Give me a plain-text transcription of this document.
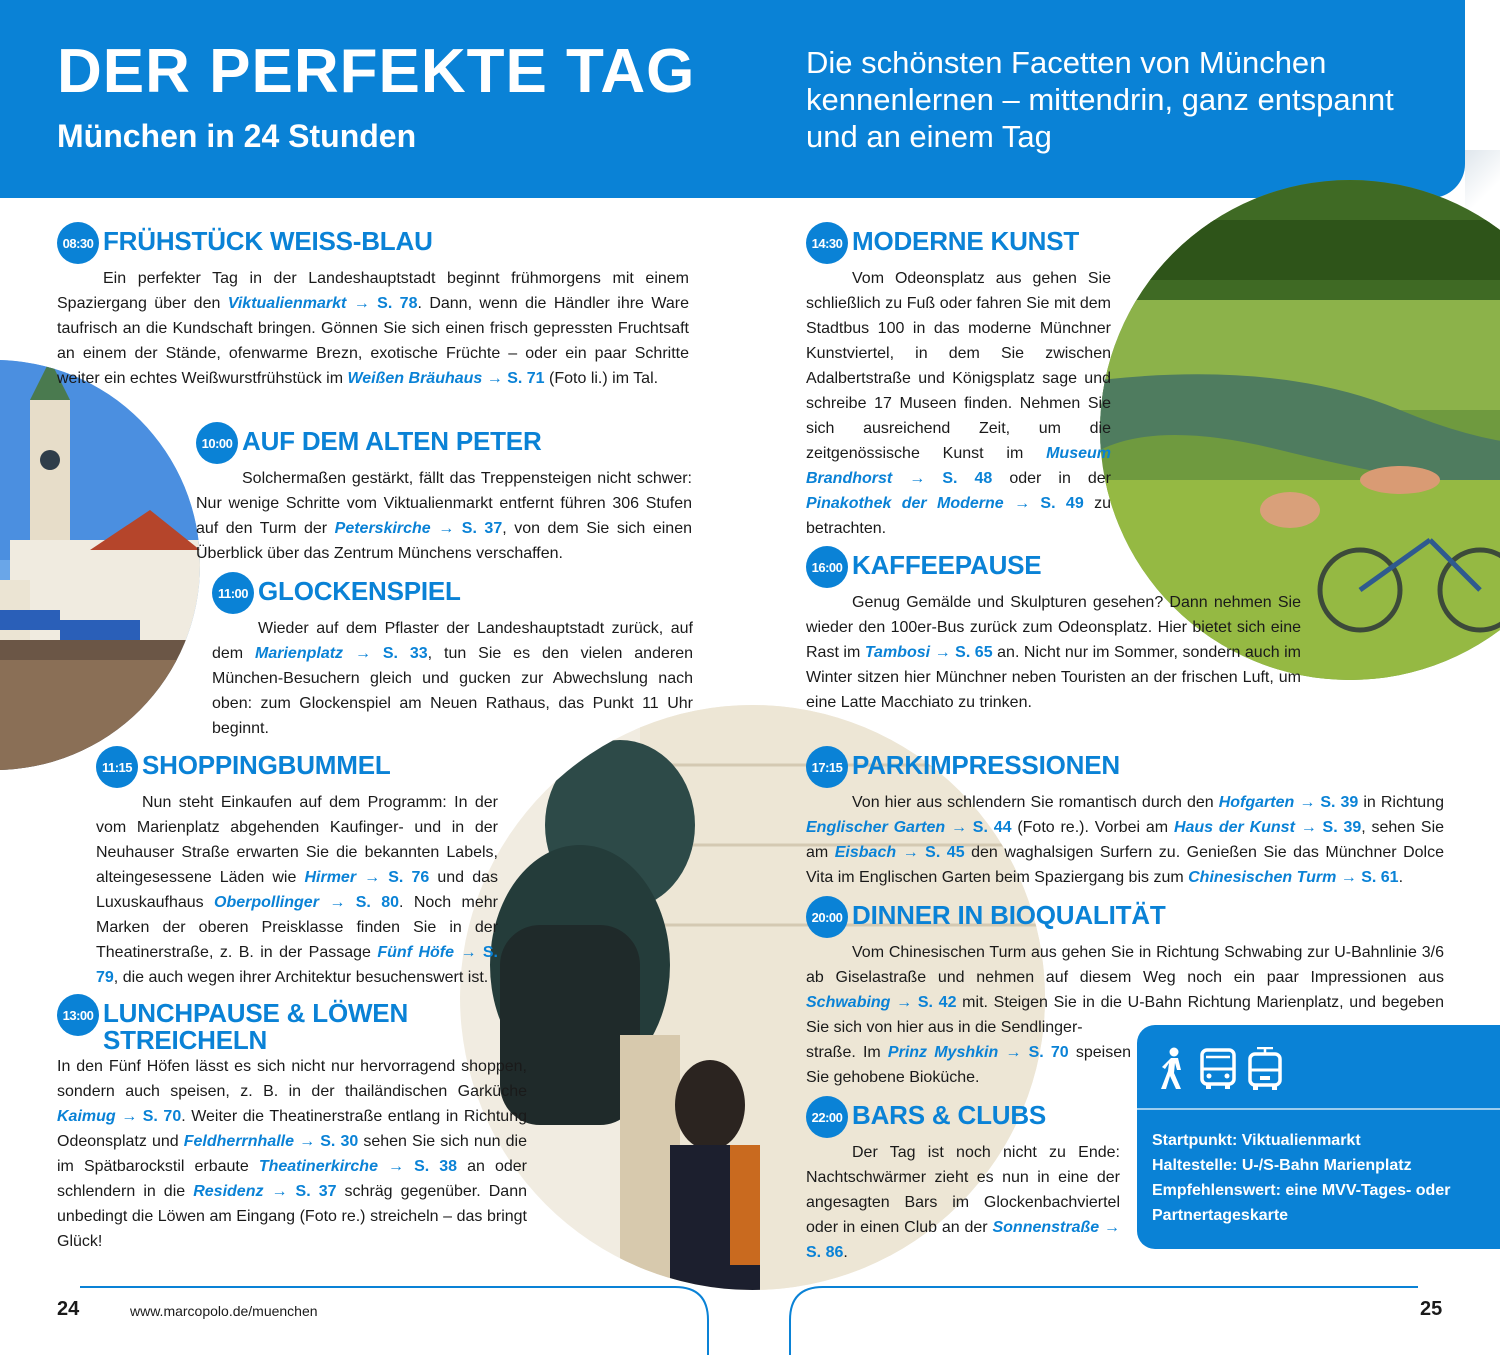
DER PERFEKTE TAG
München in 24 Stunden

Die schönsten Facetten von München kennenlernen – mittendrin, ganz entspannt und an einem Tag

08:30 FRÜHSTÜCK WEISS-BLAU

Ein perfekter Tag in der Landeshauptstadt beginnt frühmorgens mit einem Spaziergang über den Viktualienmarkt → S. 78. Dann, wenn die Händler ihre Ware taufrisch an die Kundschaft bringen. Gönnen Sie sich einen frisch gepressten Fruchtsaft an einem der Stände, ofenwarme Brezn, exotische Früchte – oder ein paar Schritte weiter ein echtes Weißwurstfrühstück im Weißen Bräuhaus → S. 71 (Foto li.) im Tal.

10:00 AUF DEM ALTEN PETER

Solchermaßen gestärkt, fällt das Treppensteigen nicht schwer: Nur wenige Schritte vom Viktualienmarkt entfernt führen 306 Stufen auf den Turm der Peterskirche → S. 37, von dem Sie sich einen Überblick über das Zentrum Münchens verschaffen.

11:00 GLOCKENSPIEL

Wieder auf dem Pflaster der Landeshauptstadt zurück, auf dem Marienplatz → S. 33, tun Sie es den vielen anderen München-Besuchern gleich und gucken zur Abwechslung nach oben: zum Glockenspiel am Neuen Rathaus, das Punkt 11 Uhr beginnt.

11:15 SHOPPINGBUMMEL

Nun steht Einkaufen auf dem Programm: In der vom Marienplatz abgehenden Kaufinger- und in der Neuhauser Straße erwarten Sie die bekannten Labels, alteingesessene Läden wie Hirmer → S. 76 und das Luxuskaufhaus Oberpollinger → S. 80. Noch mehr Marken der oberen Preisklasse finden Sie in der Theatinerstraße, z. B. in der Passage Fünf Höfe → S. 79, die auch wegen ihrer Architektur besuchenswert ist.

13:00 LUNCHPAUSE & LÖWEN
STREICHELN

In den Fünf Höfen lässt es sich nicht nur hervorragend shoppen, sondern auch speisen, z. B. in der thailändischen Garküche Kaimug → S. 70. Weiter die Theatinerstraße entlang in Richtung Odeonsplatz und Feldherrnhalle → S. 30 sehen Sie sich nun die im Spätbarockstil erbaute Theatinerkirche → S. 38 an oder schlendern in die Residenz → S. 37 schräg gegenüber. Dann unbedingt die Löwen am Eingang (Foto re.) streicheln – das bringt Glück!

14:30 MODERNE KUNST

Vom Odeonsplatz aus gehen Sie schließlich zu Fuß oder fahren Sie mit dem Stadtbus 100 in das moderne Münchner Kunstviertel, in dem Sie zwischen Adalbertstraße und Königsplatz sage und schreibe 17 Museen finden. Nehmen Sie sich ausreichend Zeit, um die zeitgenössische Kunst im Museum Brandhorst → S. 48 oder in der Pinakothek der Moderne → S. 49 zu betrachten.

16:00 KAFFEEPAUSE

Genug Gemälde und Skulpturen gesehen? Dann nehmen Sie wieder den 100er-Bus zurück zum Odeonsplatz. Hier bietet sich eine Rast im Tambosi → S. 65 an. Nicht nur im Sommer, sondern auch im Winter sitzen hier Münchner neben Touristen an der frischen Luft, um eine Latte Macchiato zu trinken.

17:15 PARKIMPRESSIONEN

Von hier aus schlendern Sie romantisch durch den Hofgarten → S. 39 in Richtung Englischer Garten → S. 44 (Foto re.). Vorbei am Haus der Kunst → S. 39, sehen Sie am Eisbach → S. 45 den waghalsigen Surfern zu. Genießen Sie das Münchner Dolce Vita im Englischen Garten beim Spaziergang bis zum Chinesischen Turm → S. 61.

20:00 DINNER IN BIOQUALITÄT

Vom Chinesischen Turm aus gehen Sie in Richtung Schwabing zur U-Bahnlinie 3/6 ab Giselastraße und nehmen auf diesem Weg noch ein paar Impressionen aus Schwabing → S. 42 mit. Steigen Sie in die U-Bahn Richtung Marienplatz, und begeben Sie sich von hier aus in die Sendlinger-

straße. Im Prinz Myshkin → S. 70 speisen Sie gehobene Bioküche.

22:00 BARS & CLUBS

Der Tag ist noch nicht zu Ende: Nachtschwärmer zieht es nun in eine der angesagten Bars im Glockenbachviertel oder in einen Club an der Sonnenstraße → S. 86.

Startpunkt: Viktualienmarkt
Haltestelle: U-/S-Bahn Marienplatz
Empfehlenswert: eine MVV-Tages- oder
Partnertageskarte
24	www.marcopolo.de/muenchen	25
